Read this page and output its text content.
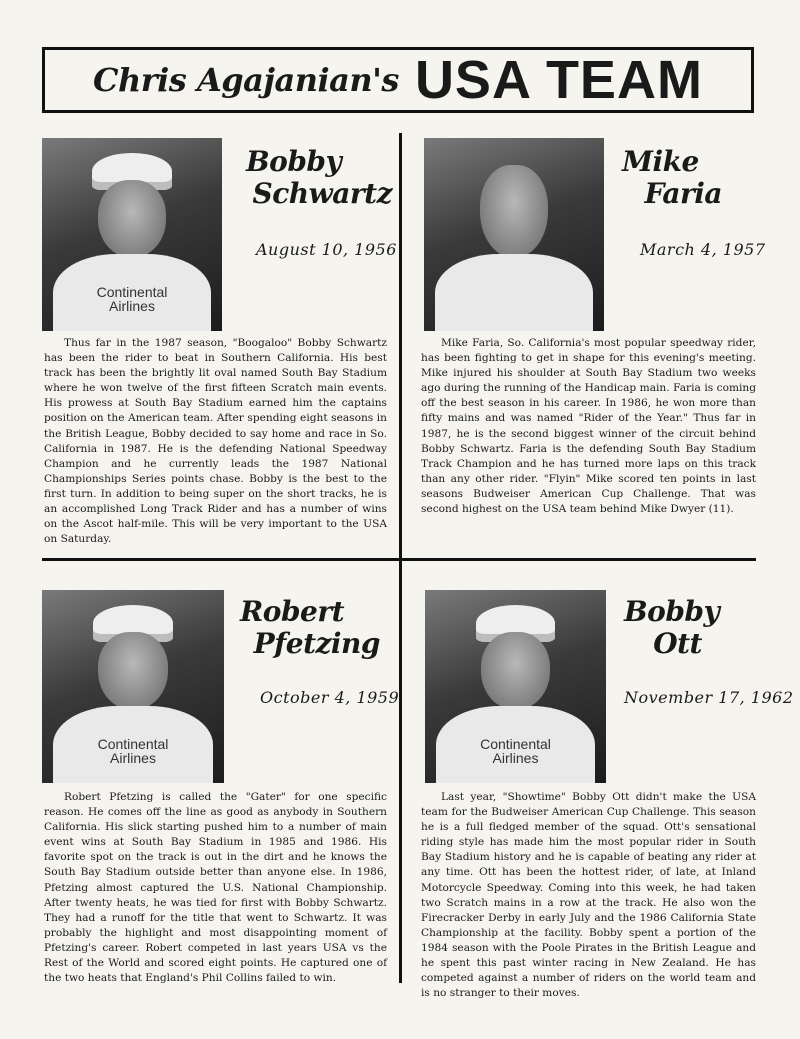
Chris Agajanian's USA TEAM
Continental
Airlines
Bobby
Schwartz
August 10, 1956

Thus far in the 1987 season, "Boogaloo" Bobby Schwartz has been the rider to beat in Southern California. His best track has been the brightly lit oval named South Bay Stadium where he won twelve of the first fifteen Scratch main events. His prowess at South Bay Stadium earned him the captains position on the American team. After spending eight seasons in the British League, Bobby decided to say home and race in So. California in 1987. He is the defending National Speedway Champion and he currently leads the 1987 National Championships Series points chase. Bobby is the best to the first turn. In addition to being super on the short tracks, he is an accomplished Long Track Rider and has a number of wins on the Ascot half-mile. This will be very important to the USA on Saturday.

Mike
Faria
March 4, 1957

Mike Faria, So. California's most popular speedway rider, has been fighting to get in shape for this evening's meeting. Mike injured his shoulder at South Bay Stadium two weeks ago during the running of the Handicap main. Faria is coming off the best season in his career. In 1986, he won more than fifty mains and was named "Rider of the Year." Thus far in 1987, he is the second biggest winner of the circuit behind Bobby Schwartz. Faria is the defending South Bay Stadium Track Champion and he has turned more laps on this track than any other rider. "Flyin" Mike scored ten points in last seasons Budweiser American Cup Challenge. That was second highest on the USA team behind Mike Dwyer (11).

Continental
Airlines
Robert
Pfetzing
October 4, 1959

Robert Pfetzing is called the "Gater" for one specific reason. He comes off the line as good as anybody in Southern California. His slick starting pushed him to a number of main event wins at South Bay Stadium in 1985 and 1986. His favorite spot on the track is out in the dirt and he knows the South Bay Stadium outside better than anyone else. In 1986, Pfetzing almost captured the U.S. National Championship. After twenty heats, he was tied for first with Bobby Schwartz. They had a runoff for the title that went to Schwartz. It was probably the highlight and most disappointing moment of Pfetzing's career. Robert competed in last years USA vs the Rest of the World and scored eight points. He captured one of the two heats that England's Phil Collins failed to win.

Continental
Airlines
Bobby
Ott
November 17, 1962

Last year, "Showtime" Bobby Ott didn't make the USA team for the Budweiser American Cup Challenge. This season he is a full fledged member of the squad. Ott's sensational riding style has made him the most popular rider in South Bay Stadium history and he is capable of beating any rider at any time. Ott has been the hottest rider, of late, at Inland Motorcycle Speedway. Coming into this week, he had taken two Scratch mains in a row at the track. He also won the Firecracker Derby in early July and the 1986 California State Championship at the facility. Bobby spent a portion of the 1984 season with the Poole Pirates in the British League and he spent this past winter racing in New Zealand. He has competed against a number of riders on the world team and is no stranger to their moves.
